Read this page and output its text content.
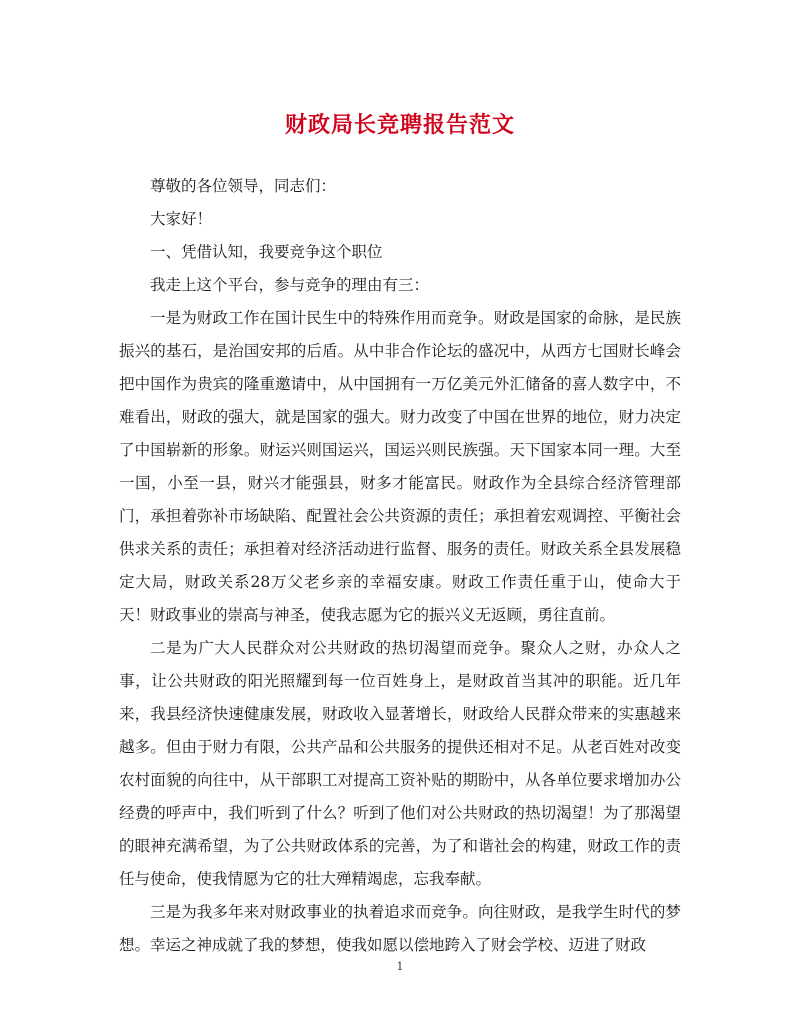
财政局长竞聘报告范文

尊敬的各位领导，同志们：

大家好！

一、凭借认知，我要竞争这个职位

我走上这个平台，参与竞争的理由有三：

一是为财政工作在国计民生中的特殊作用而竞争。财政是国家的命脉，是民族振兴的基石，是治国安邦的后盾。从中非合作论坛的盛况中，从西方七国财长峰会把中国作为贵宾的隆重邀请中，从中国拥有一万亿美元外汇储备的喜人数字中，不难看出，财政的强大，就是国家的强大。财力改变了中国在世界的地位，财力决定了中国崭新的形象。财运兴则国运兴，国运兴则民族强。天下国家本同一理。大至一国，小至一县，财兴才能强县，财多才能富民。财政作为全县综合经济管理部门，承担着弥补市场缺陷、配置社会公共资源的责任；承担着宏观调控、平衡社会供求关系的责任；承担着对经济活动进行监督、服务的责任。财政关系全县发展稳定大局，财政关系28万父老乡亲的幸福安康。财政工作责任重于山，使命大于天！财政事业的崇高与神圣，使我志愿为它的振兴义无返顾，勇往直前。

二是为广大人民群众对公共财政的热切渴望而竞争。聚众人之财，办众人之事，让公共财政的阳光照耀到每一位百姓身上，是财政首当其冲的职能。近几年来，我县经济快速健康发展，财政收入显著增长，财政给人民群众带来的实惠越来越多。但由于财力有限，公共产品和公共服务的提供还相对不足。从老百姓对改变农村面貌的向往中，从干部职工对提高工资补贴的期盼中，从各单位要求增加办公经费的呼声中，我们听到了什么？听到了他们对公共财政的热切渴望！为了那渴望的眼神充满希望，为了公共财政体系的完善，为了和谐社会的构建，财政工作的责任与使命，使我情愿为它的壮大殚精竭虑，忘我奉献。

三是为我多年来对财政事业的执着追求而竞争。向往财政，是我学生时代的梦想。幸运之神成就了我的梦想，使我如愿以偿地跨入了财会学校、迈进了财政

1
